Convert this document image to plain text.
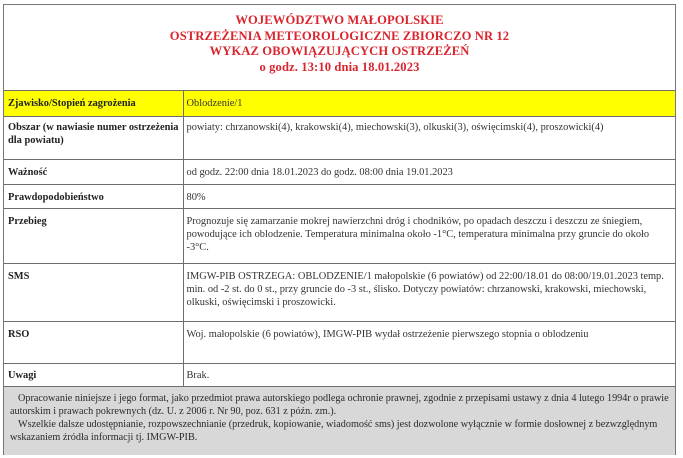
WOJEWÓDZTWO MAŁOPOLSKIE
OSTRZEŻENIA METEOROLOGICZNE ZBIORCZO NR 12
WYKAZ OBOWIĄZUJĄCYCH OSTRZEŻEŃ
o godz. 13:10 dnia 18.01.2023
Zjawisko/Stopień zagrożenia	Oblodzenie/1
Obszar (w nawiasie numer ostrzeżenia dla powiatu)	powiaty: chrzanowski(4), krakowski(4), miechowski(3), olkuski(3), oświęcimski(4), proszowicki(4)
Ważność	od godz. 22:00 dnia 18.01.2023 do godz. 08:00 dnia 19.01.2023
Prawdopodobieństwo	80%
Przebieg	Prognozuje się zamarzanie mokrej nawierzchni dróg i chodników, po opadach deszczu i deszczu ze śniegiem, powodujące ich oblodzenie. Temperatura minimalna około -1°C, temperatura minimalna przy gruncie do około -3°C.
SMS	IMGW-PIB OSTRZEGA: OBLODZENIE/1 małopolskie (6 powiatów) od 22:00/18.01 do 08:00/19.01.2023 temp. min. od -2 st. do 0 st., przy gruncie do -3 st., ślisko. Dotyczy powiatów: chrzanowski, krakowski, miechowski, olkuski, oświęcimski i proszowicki.
RSO	Woj. małopolskie (6 powiatów), IMGW-PIB wydał ostrzeżenie pierwszego stopnia o oblodzeniu
Uwagi	Brak.

Opracowanie niniejsze i jego format, jako przedmiot prawa autorskiego podlega ochronie prawnej, zgodnie z przepisami ustawy z dnia 4 lutego 1994r o prawie autorskim i prawach pokrewnych (dz. U. z 2006 r. Nr 90, poz. 631 z późn. zm.).

Wszelkie dalsze udostępnianie, rozpowszechnianie (przedruk, kopiowanie, wiadomość sms) jest dozwolone wyłącznie w formie dosłownej z bezwzględnym wskazaniem źródła informacji tj. IMGW-PIB.
